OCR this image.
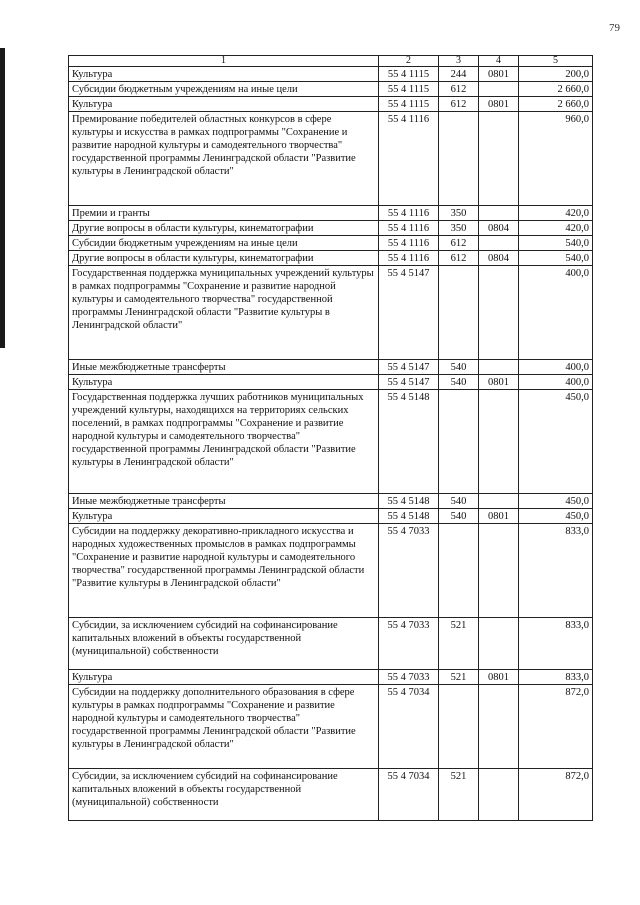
79
1	2	3	4	5
Культура	55 4 1115	244	0801	200,0
Субсидии бюджетным учреждениям на иные цели	55 4 1115	612		2 660,0
Культура	55 4 1115	612	0801	2 660,0
Премирование победителей областных конкурсов в сфере культуры и искусства в рамках подпрограммы "Сохранение и развитие народной культуры и самодеятельного творчества" государственной программы Ленинградской области "Развитие культуры в Ленинградской области"	55 4 1116			960,0
Премии и гранты	55 4 1116	350		420,0
Другие вопросы в области культуры, кинематографии	55 4 1116	350	0804	420,0
Субсидии бюджетным учреждениям на иные цели	55 4 1116	612		540,0
Другие вопросы в области культуры, кинематографии	55 4 1116	612	0804	540,0
Государственная поддержка муниципальных учреждений культуры в рамках подпрограммы "Сохранение и развитие народной культуры и самодеятельного творчества" государственной программы Ленинградской области "Развитие культуры в Ленинградской области"	55 4 5147			400,0
Иные межбюджетные трансферты	55 4 5147	540		400,0
Культура	55 4 5147	540	0801	400,0
Государственная поддержка лучших работников муниципальных учреждений культуры, находящихся на территориях сельских поселений, в рамках подпрограммы "Сохранение и развитие народной культуры и самодеятельного творчества" государственной программы Ленинградской области "Развитие культуры в Ленинградской области"	55 4 5148			450,0
Иные межбюджетные трансферты	55 4 5148	540		450,0
Культура	55 4 5148	540	0801	450,0
Субсидии на поддержку декоративно-прикладного искусства и народных художественных промыслов в рамках подпрограммы "Сохранение и развитие народной культуры и самодеятельного творчества" государственной программы Ленинградской области "Развитие культуры в Ленинградской области"	55 4 7033			833,0
Субсидии, за исключением субсидий на софинансирование капитальных вложений в объекты государственной (муниципальной) собственности	55 4 7033	521		833,0
Культура	55 4 7033	521	0801	833,0
Субсидии на поддержку дополнительного образования в сфере культуры в рамках подпрограммы "Сохранение и развитие народной культуры и самодеятельного творчества" государственной программы Ленинградской области "Развитие культуры в Ленинградской области"	55 4 7034			872,0
Субсидии, за исключением субсидий на софинансирование капитальных вложений в объекты государственной (муниципальной) собственности	55 4 7034	521		872,0
